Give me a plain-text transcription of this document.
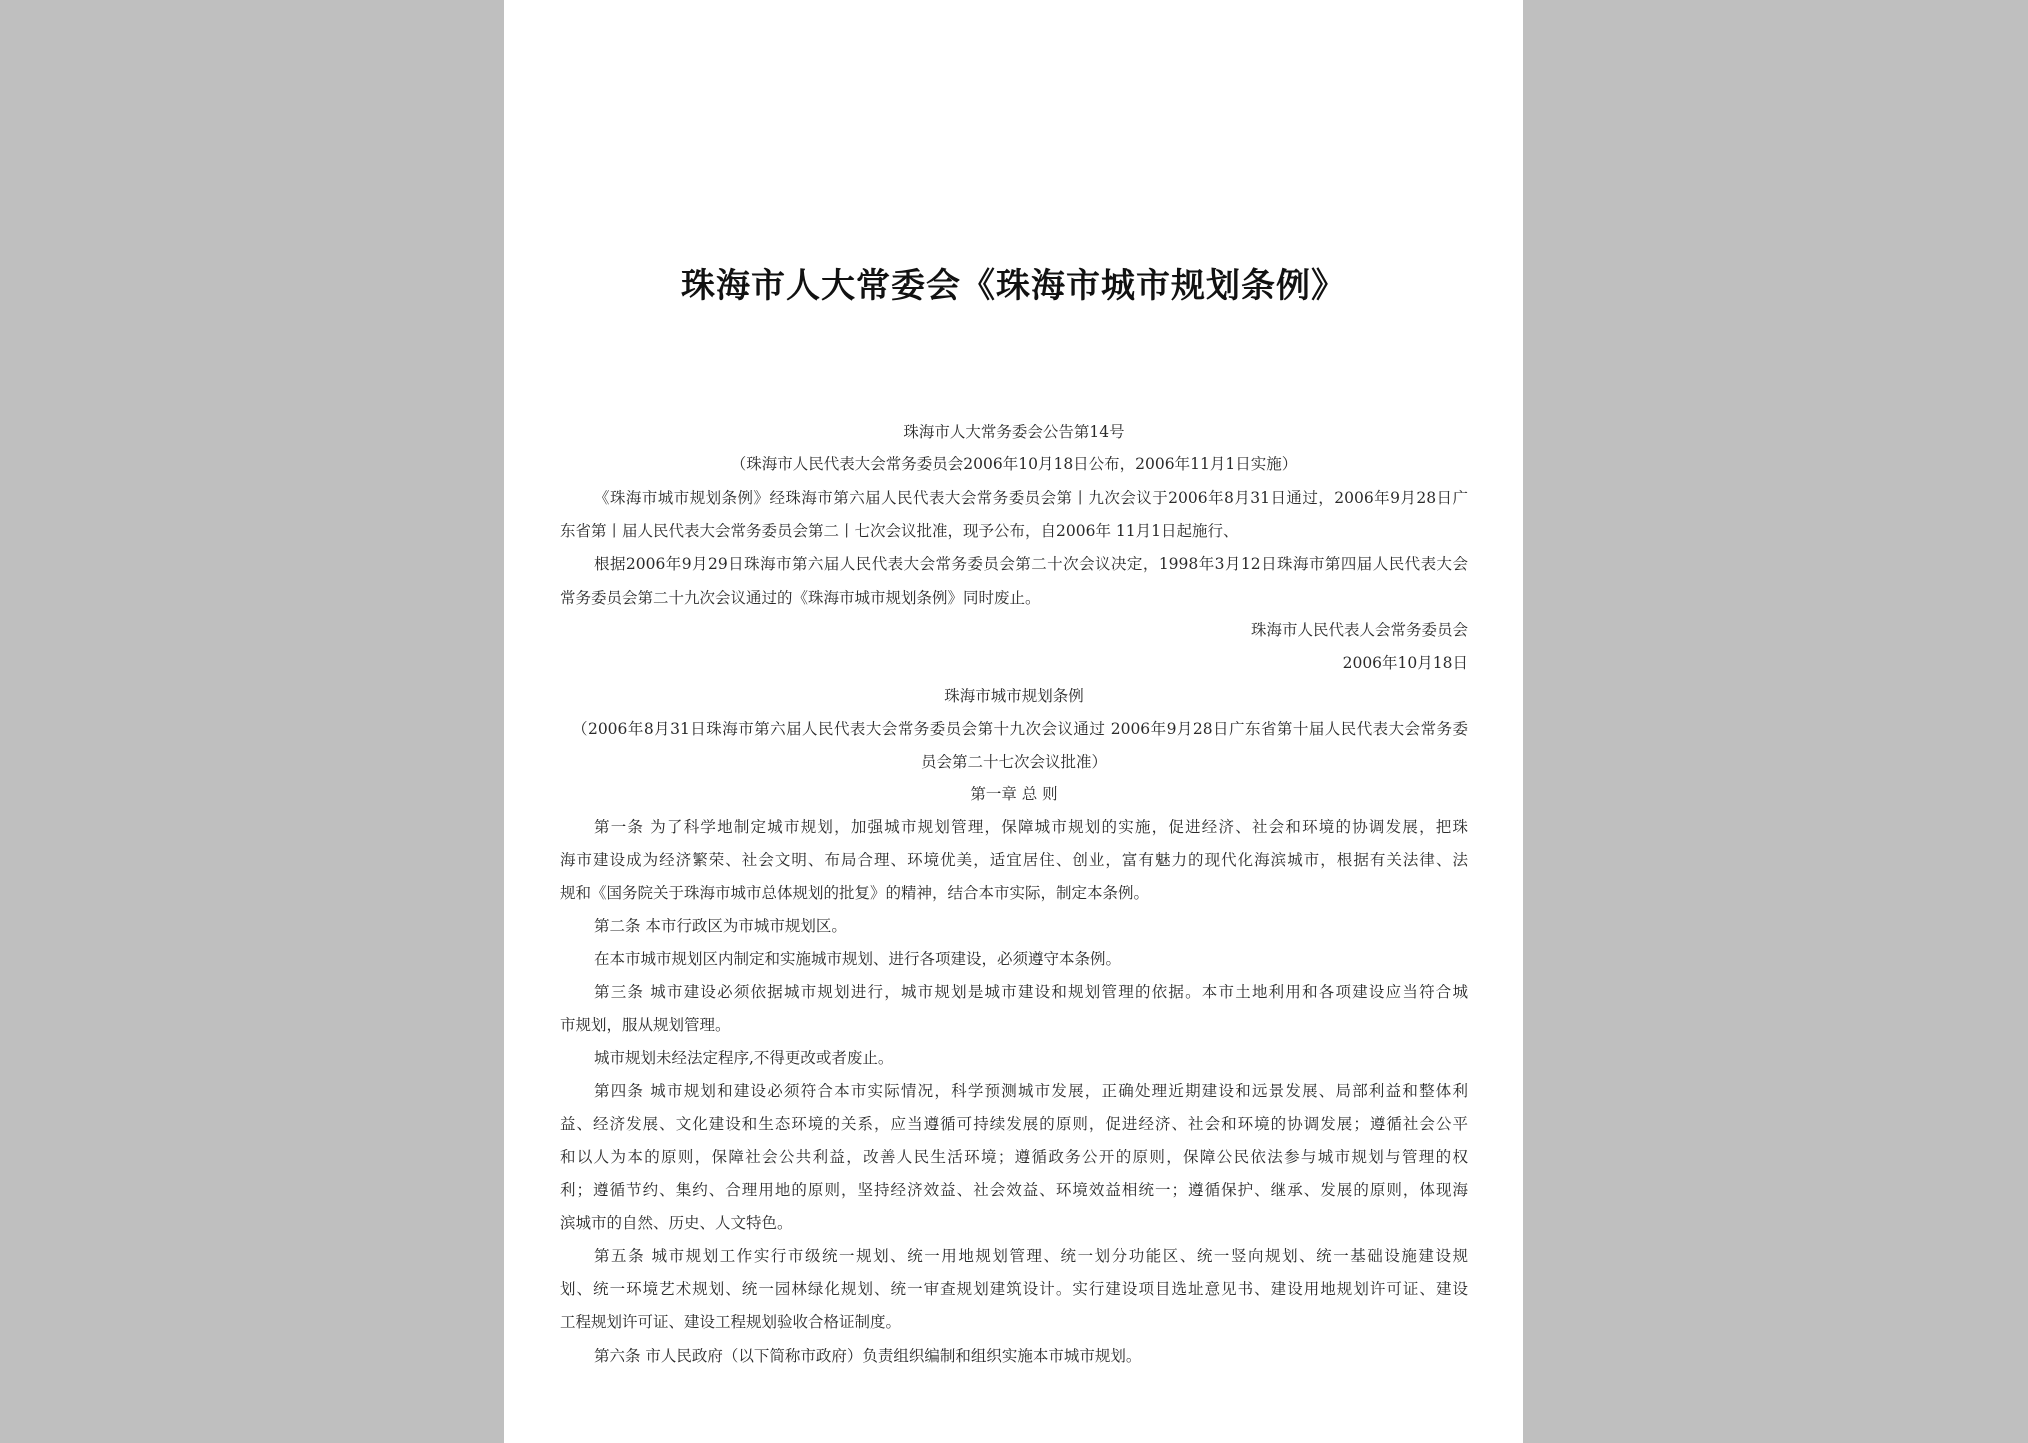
珠海市人大常委会《珠海市城市规划条例》
珠海市人大常务委会公告第14号
（珠海市人民代表大会常务委员会2006年10月18日公布，2006年11月1日实施）
《珠海市城市规划条例》经珠海市第六届人民代表大会常务委员会第丨九次会议于2006年8月31日通过，2006年9月28日广
东省第丨届人民代表大会常务委员会第二丨七次会议批准，现予公布，自2006年 11月1日起施行、
根据2006年9月29日珠海市第六届人民代表大会常务委员会第二十次会议决定，1998年3月12日珠海市第四届人民代表大会
常务委员会第二十九次会议通过的《珠海市城市规划条例》同时废止。
珠海市人民代表人会常务委员会
2006年10月18日
珠海市城市规划条例
（2006年8月31日珠海市第六届人民代表大会常务委员会第十九次会议通过 2006年9月28日广东省第十届人民代表大会常务委
员会第二十七次会议批准）
第一章 总 则
第一条 为了科学地制定城市规划，加强城市规划管理，保障城市规划的实施，促进经济、社会和环境的协调发展，把珠
海市建设成为经济繁荣、社会文明、布局合理、环境优美，适宜居住、创业，富有魅力的现代化海滨城市，根据有关法律、法
规和《国务院关于珠海市城市总体规划的批复》的精神，结合本市实际，制定本条例。
第二条 本市行政区为市城市规划区。
在本市城市规划区内制定和实施城市规划、进行各项建设，必须遵守本条例。
第三条 城市建设必须依据城市规划进行，城市规划是城市建设和规划管理的依据。本市土地利用和各项建设应当符合城
市规划，服从规划管理。
城市规划未经法定程序,不得更改或者废止。
第四条 城市规划和建设必须符合本市实际情况，科学预测城市发展，正确处理近期建设和远景发展、局部利益和整体利
益、经济发展、文化建设和生态环境的关系，应当遵循可持续发展的原则，促进经济、社会和环境的协调发展；遵循社会公平
和以人为本的原则，保障社会公共利益，改善人民生活环境；遵循政务公开的原则，保障公民依法参与城市规划与管理的权
利；遵循节约、集约、合理用地的原则，坚持经济效益、社会效益、环境效益相统一；遵循保护、继承、发展的原则，体现海
滨城市的自然、历史、人文特色。
第五条 城市规划工作实行市级统一规划、统一用地规划管理、统一划分功能区、统一竖向规划、统一基础设施建设规
划、统一环境艺术规划、统一园林绿化规划、统一审查规划建筑设计。实行建设项目选址意见书、建设用地规划许可证、建设
工程规划许可证、建设工程规划验收合格证制度。
第六条 市人民政府（以下简称市政府）负责组织编制和组织实施本市城市规划。
